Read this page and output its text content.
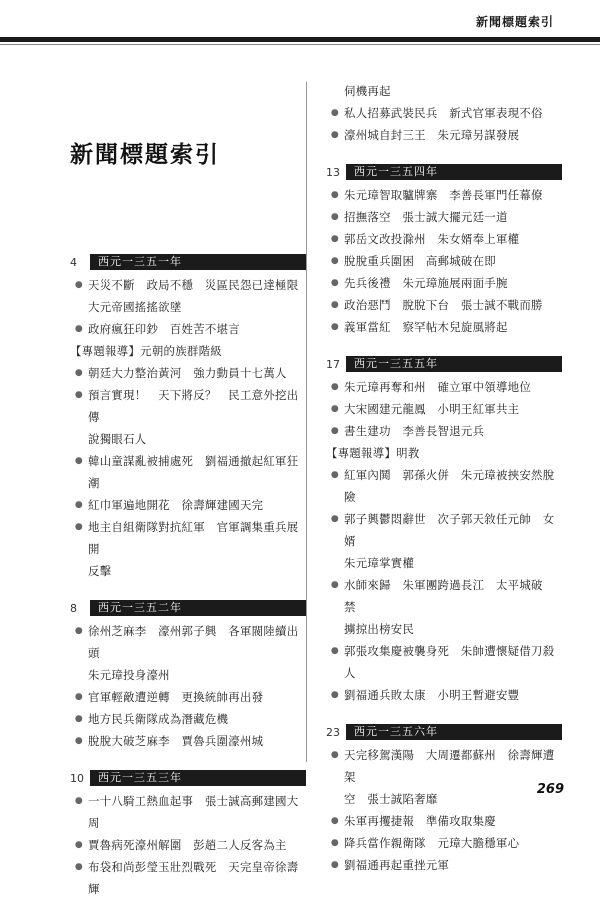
新聞標題索引
新聞標題索引
4	西元一三五一年
● 天災不斷　政局不穩　災區民怨已達極限
大元帝國搖搖欲墜
● 政府瘋狂印鈔　百姓苦不堪言
【專題報導】元朝的族群階級
● 朝廷大力整治黃河　強力動員十七萬人
● 預言實現！　天下將反？　民工意外挖出傳
說獨眼石人
● 韓山童謀亂被捕處死　劉福通撤起紅軍狂潮
● 紅巾軍遍地開花　徐壽輝建國天完
● 地主自組衛隊對抗紅軍　官軍調集重兵展開
反擊
8	西元一三五二年
● 徐州芝麻李　濠州郭子興　各軍閥陸續出頭
朱元璋投身濠州
● 官軍輕敵遭逆轉　更換統帥再出發
● 地方民兵衛隊成為潛藏危機
● 脫脫大破芝麻李　賈魯兵圍濠州城
10	西元一三五三年
● 一十八騎工熱血起事　張士誠高郵建國大周
● 賈魯病死濠州解圍　彭趙二人反客為主
● 布袋和尚彭瑩玉壯烈戰死　天完皇帝徐壽輝
伺機再起
● 私人招募武裝民兵　新式官軍表現不俗
● 濠州城自封三王　朱元璋另謀發展
13	西元一三五四年
● 朱元璋智取驢牌寨　李善長軍門任幕僚
● 招撫落空　張士誠大擺元廷一道
● 郭岳文改投滁州　朱女婿奉上軍權
● 脫脫重兵圍困　高郵城破在即
● 先兵後禮　朱元璋施展兩面手腕
● 政治惡鬥　脫脫下台　張士誠不戰而勝
● 義軍當紅　察罕帖木兒旋風將起
17	西元一三五五年
● 朱元璋再奪和州　確立軍中領導地位
● 大宋國建元龍鳳　小明王紅軍共主
● 書生建功　李善長智退元兵
【專題報導】明教
● 紅軍內鬨　郭孫火併　朱元璋被挾安然脫險
● 郭子興鬱悶辭世　次子郭天敘任元帥　女婿
朱元璋掌實權
● 水師來歸　朱軍團跨過長江　太平城破　禁
擄掠出榜安民
● 郭張攻集慶被襲身死　朱帥遭懷疑借刀殺人
● 劉福通兵敗太康　小明王暫避安豐
23	西元一三五六年
● 天完移駕漢陽　大周遷都蘇州　徐壽輝遭架
空　張士誠陷奢靡
● 朱軍再攫捷報　準備攻取集慶
● 降兵當作親衛隊　元璋大膽穩軍心
● 劉福通再起重挫元軍
269
